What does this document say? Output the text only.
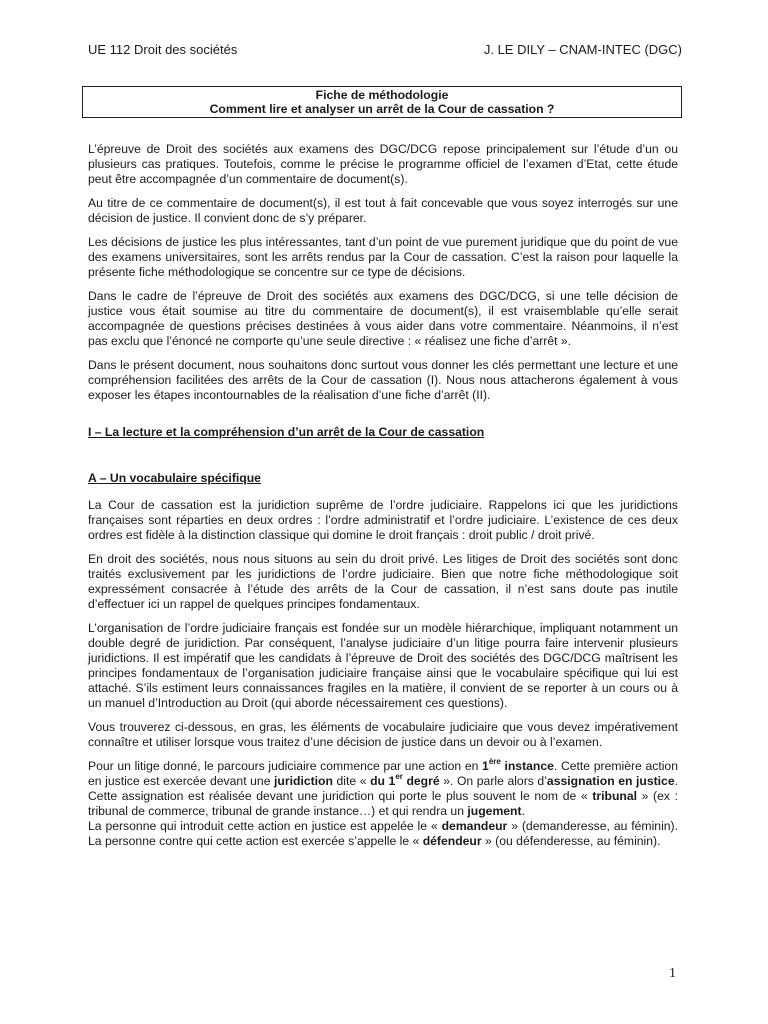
UE 112 Droit des sociétés	J. LE DILY – CNAM-INTEC (DGC)
Fiche de méthodologie
Comment lire et analyser un arrêt de la Cour de cassation ?

L’épreuve de Droit des sociétés aux examens des DGC/DCG repose principalement sur l’étude d’un ou plusieurs cas pratiques. Toutefois, comme le précise le programme officiel de l’examen d’Etat, cette étude peut être accompagnée d’un commentaire de document(s).

Au titre de ce commentaire de document(s), il est tout à fait concevable que vous soyez interrogés sur une décision de justice. Il convient donc de s’y préparer.

Les décisions de justice les plus intéressantes, tant d’un point de vue purement juridique que du point de vue des examens universitaires, sont les arrêts rendus par la Cour de cassation. C’est la raison pour laquelle la présente fiche méthodologique se concentre sur ce type de décisions.

Dans le cadre de l’épreuve de Droit des sociétés aux examens des DGC/DCG, si une telle décision de justice vous était soumise au titre du commentaire de document(s), il est vraisemblable qu’elle serait accompagnée de questions précises destinées à vous aider dans votre commentaire. Néanmoins, il n’est pas exclu que l’énoncé ne comporte qu’une seule directive : « réalisez une fiche d’arrêt ».

Dans le présent document, nous souhaitons donc surtout vous donner les clés permettant une lecture et une compréhension facilitées des arrêts de la Cour de cassation (I). Nous nous attacherons également à vous exposer les étapes incontournables de la réalisation d’une fiche d’arrêt (II).

I – La lecture et la compréhension d’un arrêt de la Cour de cassation

A – Un vocabulaire spécifique

La Cour de cassation est la juridiction suprême de l’ordre judiciaire. Rappelons ici que les juridictions françaises sont réparties en deux ordres : l’ordre administratif et l’ordre judiciaire. L’existence de ces deux ordres est fidèle à la distinction classique qui domine le droit français : droit public / droit privé.

En droit des sociétés, nous nous situons au sein du droit privé. Les litiges de Droit des sociétés sont donc traités exclusivement par les juridictions de l’ordre judiciaire. Bien que notre fiche méthodologique soit expressément consacrée à l’étude des arrêts de la Cour de cassation, il n’est sans doute pas inutile d’effectuer ici un rappel de quelques principes fondamentaux.

L’organisation de l’ordre judiciaire français est fondée sur un modèle hiérarchique, impliquant notamment un double degré de juridiction. Par conséquent, l’analyse judiciaire d’un litige pourra faire intervenir plusieurs juridictions. Il est impératif que les candidats à l’épreuve de Droit des sociétés des DGC/DCG maîtrisent les principes fondamentaux de l’organisation judiciaire française ainsi que le vocabulaire spécifique qui lui est attaché. S’ils estiment leurs connaissances fragiles en la matière, il convient de se reporter à un cours ou à un manuel d’Introduction au Droit (qui aborde nécessairement ces questions).

Vous trouverez ci-dessous, en gras, les éléments de vocabulaire judiciaire que vous devez impérativement connaître et utiliser lorsque vous traitez d’une décision de justice dans un devoir ou à l’examen.

Pour un litige donné, le parcours judiciaire commence par une action en 1ère instance. Cette première action en justice est exercée devant une juridiction dite « du 1er degré ». On parle alors d’assignation en justice. Cette assignation est réalisée devant une juridiction qui porte le plus souvent le nom de « tribunal » (ex : tribunal de commerce, tribunal de grande instance…) et qui rendra un jugement.

La personne qui introduit cette action en justice est appelée le « demandeur » (demanderesse, au féminin). La personne contre qui cette action est exercée s’appelle le « défendeur » (ou défenderesse, au féminin).

1
